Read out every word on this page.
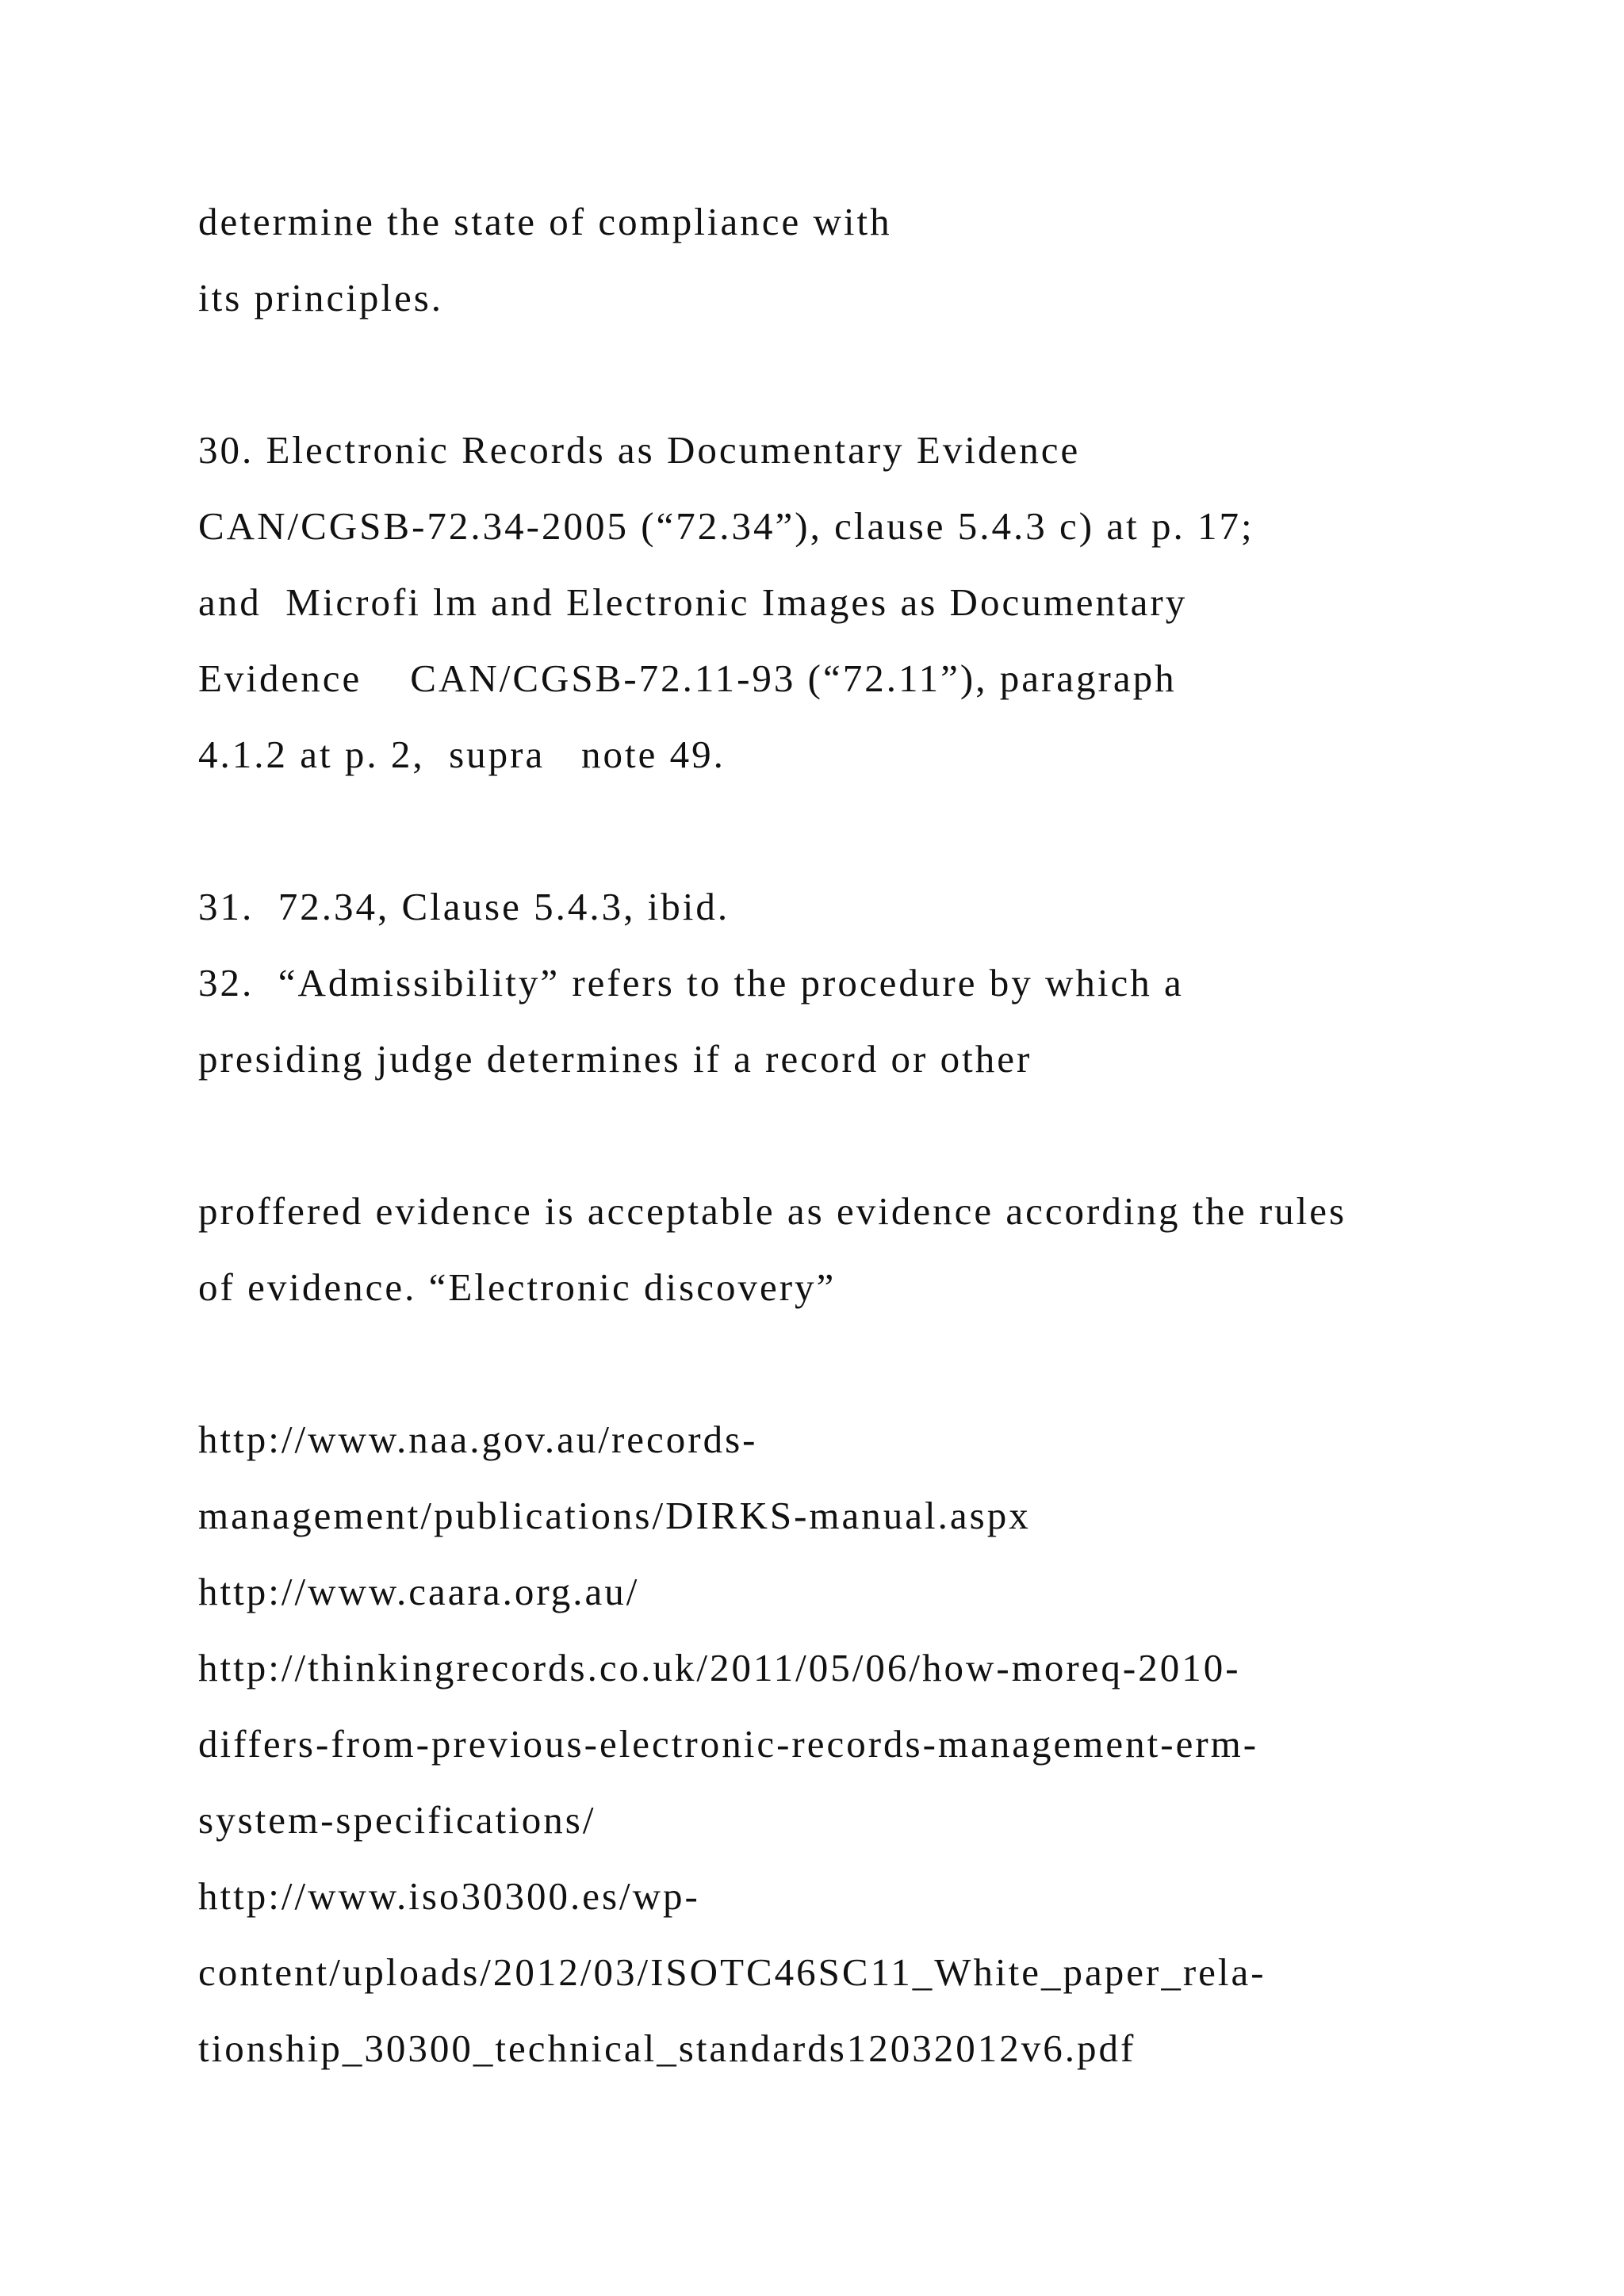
determine the state of compliance with
its principles.
30. Electronic Records as Documentary Evidence
CAN/CGSB-72.34-2005 (“72.34”), clause 5.4.3 c) at p. 17;
and  Microfi lm and Electronic Images as Documentary
Evidence    CAN/CGSB-72.11-93 (“72.11”), paragraph
4.1.2 at p. 2,  supra   note 49.
31.  72.34, Clause 5.4.3, ibid.
32.  “Admissibility” refers to the procedure by which a
presiding judge determines if a record or other
proffered evidence is acceptable as evidence according the rules
of evidence. “Electronic discovery”
http://www.naa.gov.au/records-
management/publications/DIRKS-manual.aspx
http://www.caara.org.au/
http://thinkingrecords.co.uk/2011/05/06/how-moreq-2010-
differs-from-previous-electronic-records-management-erm-
system-specifications/
http://www.iso30300.es/wp-
content/uploads/2012/03/ISOTC46SC11_White_paper_rela-
tionship_30300_technical_standards12032012v6.pdf
